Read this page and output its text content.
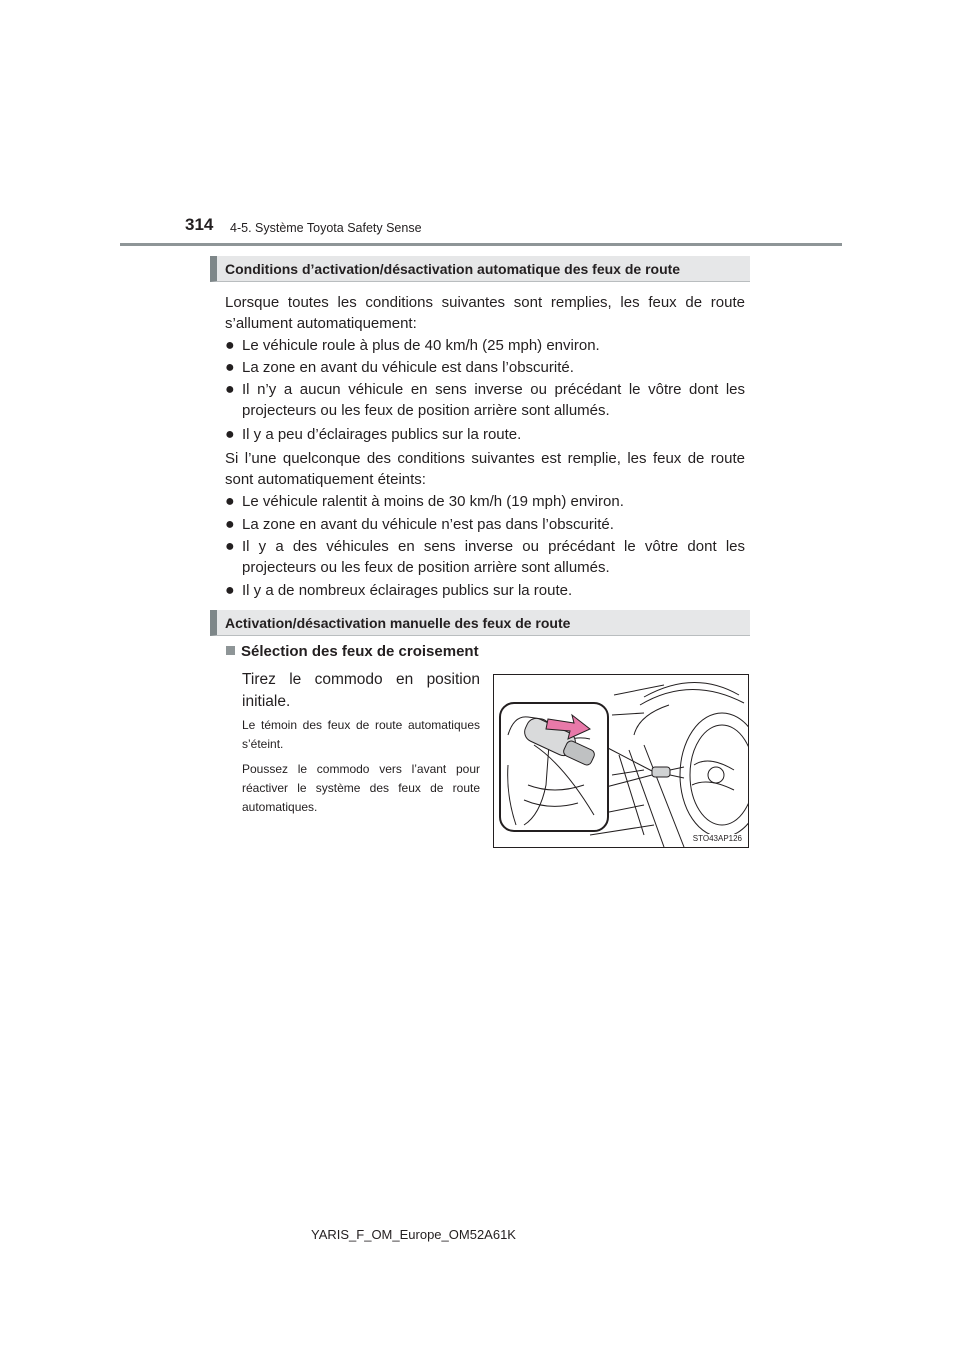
314 4-5. Système Toyota Safety Sense
Conditions d’activation/désactivation automatique des feux de route
Lorsque toutes les conditions suivantes sont remplies, les feux de route s’allument automatiquement:
● Le véhicule roule à plus de 40 km/h (25 mph) environ.
● La zone en avant du véhicule est dans l’obscurité.
● Il n’y a aucun véhicule en sens inverse ou précédant le vôtre dont les projecteurs ou les feux de position arrière sont allumés.
● Il y a peu d’éclairages publics sur la route.
Si l’une quelconque des conditions suivantes est remplie, les feux de route sont automatiquement éteints:
● Le véhicule ralentit à moins de 30 km/h (19 mph) environ.
● La zone en avant du véhicule n’est pas dans l’obscurité.
● Il y a des véhicules en sens inverse ou précédant le vôtre dont les projecteurs ou les feux de position arrière sont allumés.
● Il y a de nombreux éclairages publics sur la route.
Activation/désactivation manuelle des feux de route
Sélection des feux de croisement
Tirez le commodo en position initiale.
Le témoin des feux de route automatiques s’éteint.
Poussez le commodo vers l’avant pour réactiver le système des feux de route automatiques.
STO43AP126
YARIS_F_OM_Europe_OM52A61K
